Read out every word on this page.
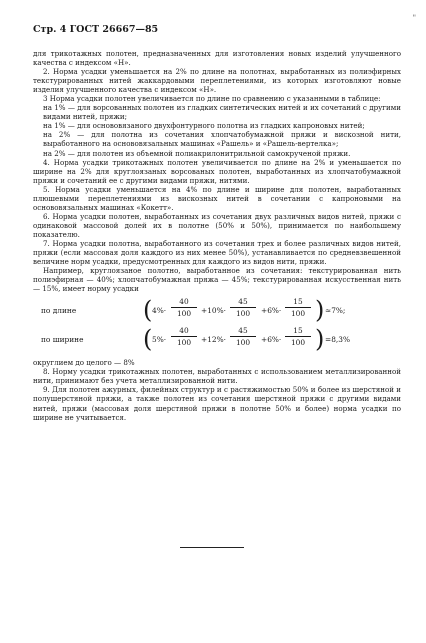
Стр. 4 ГОСТ 26667—85
"

для трикотажных полотен, предназначенных для изготовления новых изделий улучшенного качества с индексом «Н».

2. Норма усадки уменьшается на 2% по длине на полотнах, выработанных из полиэфирных текстурированных нитей жаккардовыми переплетениями, из которых изготовляют новые изделия улучшенного качества с индексом «Н».

3 Норма усадки полотен увеличивается по длине по сравнению с указанными в таблице:

на 1% — для ворсованных полотен из гладких синтетических нитей и их сочетаний с другими видами нитей, пряжи;

на 1% — для основовязаного двухфонтурного полотна из гладких капроновых нитей;

на 2% — для полотна из сочетания хлопчатобумажной пряжи и вискозной нити, выработанного на основовязальных машинах «Рашель» и «Рашель-вертелка»;

на 2% — для полотен из объемной полиакрилонитрильной самокрученой пряжи.

4. Норма усадки трикотажных полотен увеличивается по длине на 2% и уменьшается по ширине на 2% для круглоязаных ворсованых полотен, выработанных из хлопчатобумажной пряжи и сочетаний ее с другими видами пряжи, нитями.

5. Норма усадки уменьшается на 4% по длине и ширине для полотен, выработанных плюшевыми переплетениями из вискозных нитей в сочетании с капроновыми на основовязальных машинах «Кокетт».

6. Норма усадки полотен, выработанных из сочетания двух различных видов нитей, пряжи с одинаковой массовой долей их в полотне (50% и 50%), принимается по наибольшему показателю.

7. Норма усадки полотна, выработанного из сочетания трех и более различных видов нитей, пряжи (если массовая доля каждого из них менее 50%), устанавливается по средневзвешенной величине норм усадки, предусмотренных для каждого из видов нити, пряжи.

Например, круглоязаное полотно, выработанное из сочетания: текстурированная нить полиэфирная — 40%; хлопчатобумажная пряжа — 45%; текстурированная искусственная нить — 15%, имеет норму усадки

по длине	( $4\%\cdot \frac{40}{100} +10\%\cdot \frac{45}{100} +6\%\cdot \frac{15}{100}$ ) ≈7%;
по ширине ( $5\%\cdot \frac{40}{100} +12\%\cdot \frac{45}{100} +6\%\cdot \frac{15}{100}$ ) =8,3%

округлием до целого — 8%

8. Норму усадки трикотажных полотен, выработанных с использованием металлизированной нити, принимают без учета металлизированной нити.

9. Для полотен ажурных, филейных структур и с растяжимостью 50% и более из шерстяной и полушерстяной пряжи, а также полотен из сочетания шерстяной пряжи с другими видами нитей, пряжи (массовая доля шерстяной пряжи в полотне 50% и более) норма усадки по ширине не учитывается.
